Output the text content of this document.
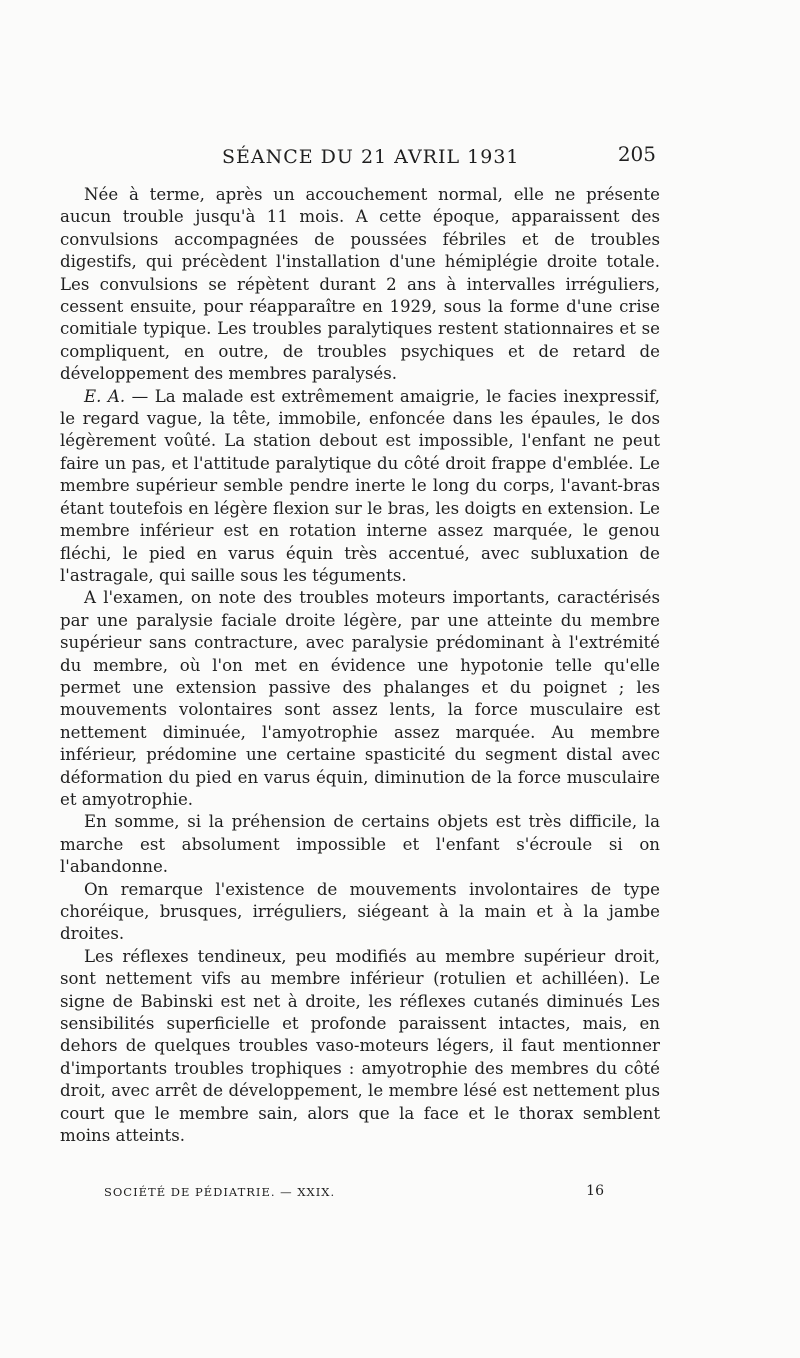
SÉANCE DU 21 AVRIL 1931	205

Née à terme, après un accouchement normal, elle ne présente aucun trouble jusqu'à 11 mois. A cette époque, apparaissent des convulsions accompagnées de poussées fébriles et de troubles digestifs, qui précèdent l'installation d'une hémiplégie droite totale. Les convulsions se répètent durant 2 ans à intervalles irréguliers, cessent ensuite, pour réapparaître en 1929, sous la forme d'une crise comitiale typique. Les troubles paralytiques restent stationnaires et se compliquent, en outre, de troubles psychiques et de retard de développement des membres paralysés.

E. A. — La malade est extrêmement amaigrie, le facies inexpressif, le regard vague, la tête, immobile, enfoncée dans les épaules, le dos légèrement voûté. La station debout est impossible, l'enfant ne peut faire un pas, et l'attitude paralytique du côté droit frappe d'emblée. Le membre supérieur semble pendre inerte le long du corps, l'avant-bras étant toutefois en légère flexion sur le bras, les doigts en extension. Le membre inférieur est en rotation interne assez marquée, le genou fléchi, le pied en varus équin très accentué, avec subluxation de l'astragale, qui saille sous les téguments.

A l'examen, on note des troubles moteurs importants, caractérisés par une paralysie faciale droite légère, par une atteinte du membre supérieur sans contracture, avec paralysie prédominant à l'extrémité du membre, où l'on met en évidence une hypotonie telle qu'elle permet une extension passive des phalanges et du poignet ; les mouvements volontaires sont assez lents, la force musculaire est nettement diminuée, l'amyotrophie assez marquée. Au membre inférieur, prédomine une certaine spasticité du segment distal avec déformation du pied en varus équin, diminution de la force musculaire et amyotrophie.

En somme, si la préhension de certains objets est très difficile, la marche est absolument impossible et l'enfant s'écroule si on l'abandonne.

On remarque l'existence de mouvements involontaires de type choréique, brusques, irréguliers, siégeant à la main et à la jambe droites.

Les réflexes tendineux, peu modifiés au membre supérieur droit, sont nettement vifs au membre inférieur (rotulien et achilléen). Le signe de Babinski est net à droite, les réflexes cutanés diminués Les sensibilités superficielle et profonde paraissent intactes, mais, en dehors de quelques troubles vaso-moteurs légers, il faut mentionner d'importants troubles trophiques : amyotrophie des membres du côté droit, avec arrêt de développement, le membre lésé est nettement plus court que le membre sain, alors que la face et le thorax semblent moins atteints.

SOCIÉTÉ DE PÉDIATRIE. — XXIX.	16
